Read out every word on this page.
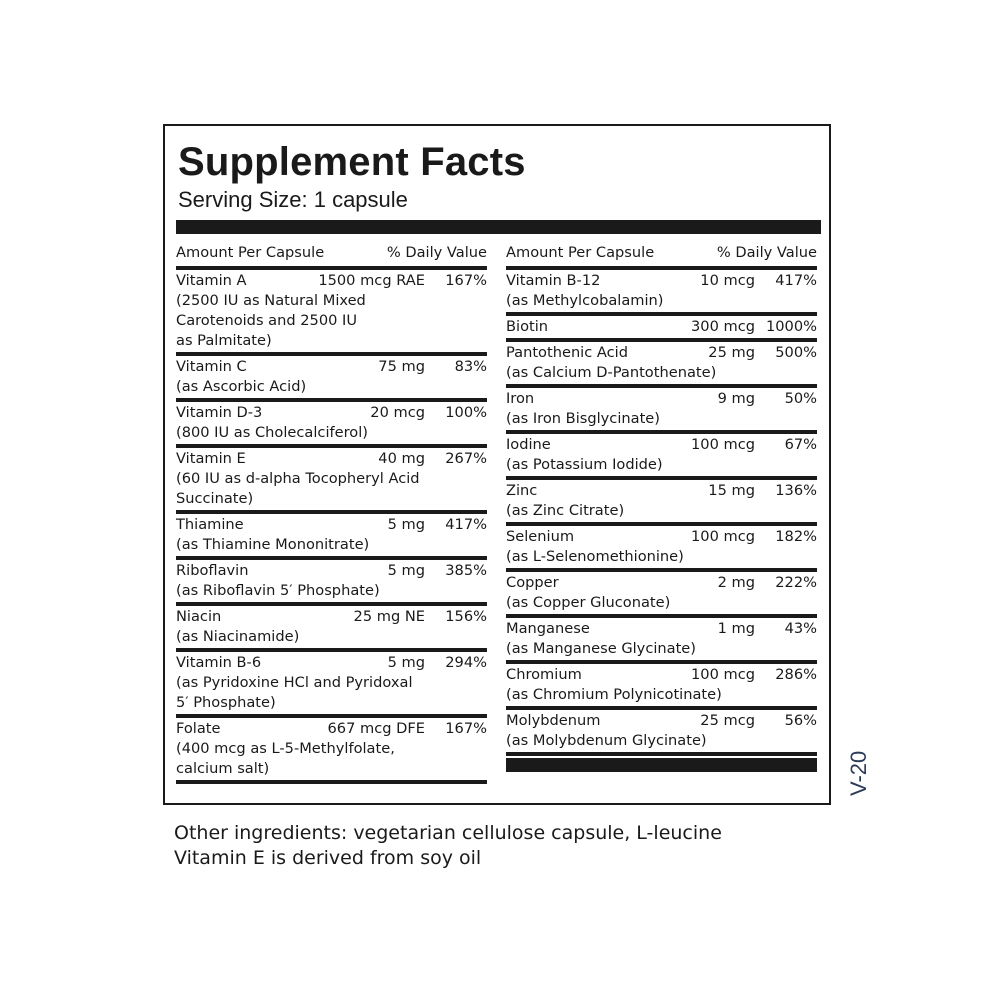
Supplement Facts
Serving Size: 1 capsule
Amount Per Capsule	% Daily Value
Vitamin A	1500 mcg RAE	167%
(2500 IU as Natural Mixed
Carotenoids and 2500 IU
as Palmitate)
Vitamin C	75 mg	83%
(as Ascorbic Acid)
Vitamin D-3	20 mcg	100%
(800 IU as Cholecalciferol)
Vitamin E	40 mg	267%
(60 IU as d-alpha Tocopheryl Acid
Succinate)
Thiamine	5 mg	417%
(as Thiamine Mononitrate)
Riboflavin	5 mg	385%
(as Riboflavin 5′ Phosphate)
Niacin	25 mg NE	156%
(as Niacinamide)
Vitamin B-6	5 mg	294%
(as Pyridoxine HCl and Pyridoxal
5′ Phosphate)
Folate	667 mcg DFE	167%
(400 mcg as L-5-Methylfolate,
calcium salt)
Amount Per Capsule	% Daily Value
Vitamin B-12	10 mcg	417%
(as Methylcobalamin)
Biotin	300 mcg 1000%
Pantothenic Acid	25 mg	500%
(as Calcium D-Pantothenate)
Iron	9 mg	50%
(as Iron Bisglycinate)
Iodine	100 mcg	67%
(as Potassium Iodide)
Zinc	15 mg	136%
(as Zinc Citrate)
Selenium	100 mcg	182%
(as L-Selenomethionine)
Copper	2 mg	222%
(as Copper Gluconate)
Manganese	1 mg	43%
(as Manganese Glycinate)
Chromium	100 mcg	286%
(as Chromium Polynicotinate)
Molybdenum	25 mcg	56%
(as Molybdenum Glycinate)
V-20
Other ingredients: vegetarian cellulose capsule, L-leucine
Vitamin E is derived from soy oil
